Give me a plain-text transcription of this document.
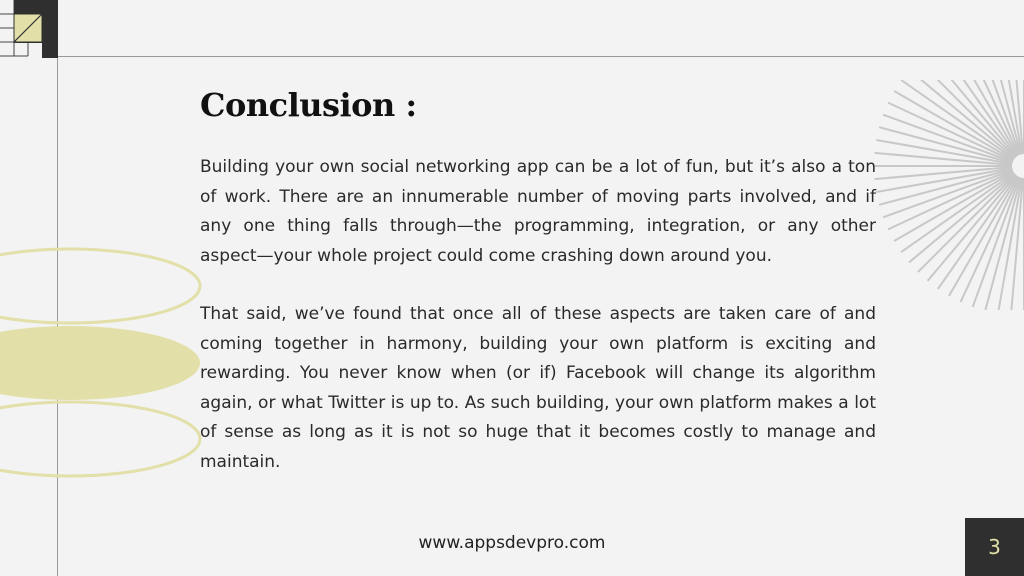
Conclusion :

Building your own social networking app can be a lot of fun, but it’s also a ton of work. There are an innumerable number of moving parts involved, and if any one thing falls through—the programming, integration, or any other aspect—your whole project could come crashing down around you.

That said, we’ve found that once all of these aspects are taken care of and coming together in harmony, building your own platform is exciting and rewarding. You never know when (or if) Facebook will change its algorithm again, or what Twitter is up to. As such building, your own platform makes a lot of sense as long as it is not so huge that it becomes costly to manage and maintain.

www.appsdevpro.com	3
